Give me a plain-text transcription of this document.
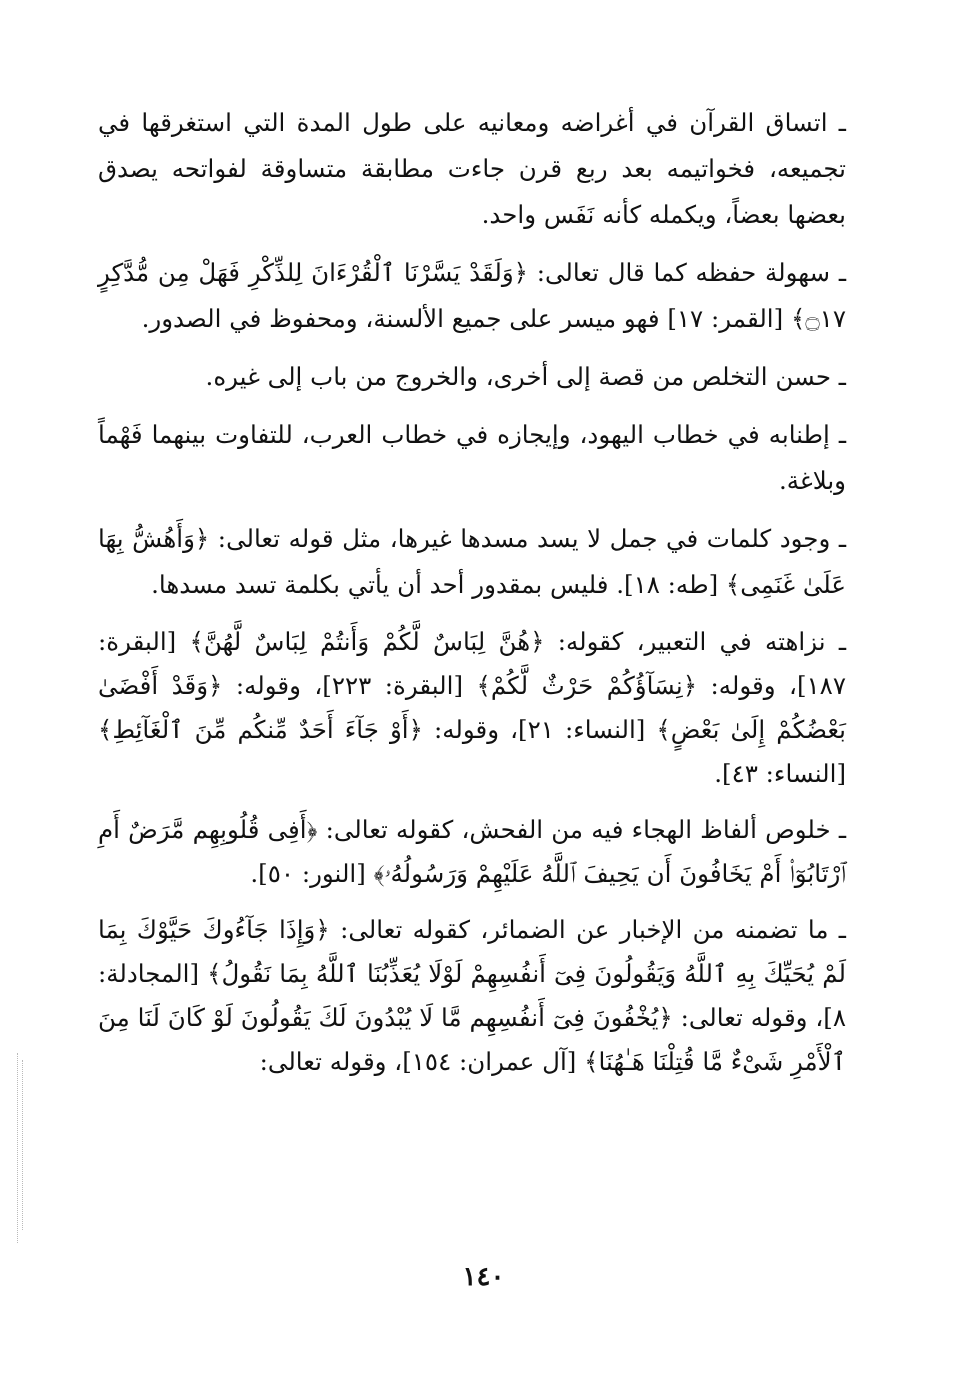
ـ اتساق القرآن في أغراضه ومعانيه على طول المدة التي استغرقها في تجميعه، فخواتيمه بعد ربع قرن جاءت مطابقة متساوقة لفواتحه يصدق بعضها بعضاً، ويكمله كأنه نَفَس واحد.

ـ سهولة حفظه كما قال تعالى: ﴿وَلَقَدْ يَسَّرْنَا ٱلْقُرْءَانَ لِلذِّكْرِ فَهَلْ مِن مُّدَّكِرٍ ۝١٧﴾ [القمر: ١٧] فهو ميسر على جميع الألسنة، ومحفوظ في الصدور.

ـ حسن التخلص من قصة إلى أخرى، والخروج من باب إلى غيره.

ـ إطنابه في خطاب اليهود، وإيجازه في خطاب العرب، للتفاوت بينهما فَهْماً وبلاغة.

ـ وجود كلمات في جمل لا يسد مسدها غيرها، مثل قوله تعالى: ﴿وَأَهُشُّ بِهَا عَلَىٰ غَنَمِى﴾ [طه: ١٨]. فليس بمقدور أحد أن يأتي بكلمة تسد مسدها.

ـ نزاهته في التعبير، كقوله: ﴿هُنَّ لِبَاسٌ لَّكُمْ وَأَنتُمْ لِبَاسٌ لَّهُنَّ﴾ [البقرة: ١٨٧]، وقوله: ﴿نِسَآؤُكُمْ حَرْثٌ لَّكُمْ﴾ [البقرة: ٢٢٣]، وقوله: ﴿وَقَدْ أَفْضَىٰ بَعْضُكُمْ إِلَىٰ بَعْضٍ﴾ [النساء: ٢١]، وقوله: ﴿أَوْ جَآءَ أَحَدٌ مِّنكُم مِّنَ ٱلْغَآئِطِ﴾ [النساء: ٤٣].

ـ خلوص ألفاظ الهجاء فيه من الفحش، كقوله تعالى: ﴿أَفِى قُلُوبِهِم مَّرَضٌ أَمِ ٱرْتَابُوٓا۟ أَمْ يَخَافُونَ أَن يَحِيفَ ٱللَّهُ عَلَيْهِمْ وَرَسُولُهُۥ﴾ [النور: ٥٠].

ـ ما تضمنه من الإخبار عن الضمائر، كقوله تعالى: ﴿وَإِذَا جَآءُوكَ حَيَّوْكَ بِمَا لَمْ يُحَيِّكَ بِهِ ٱللَّهُ وَيَقُولُونَ فِىٓ أَنفُسِهِمْ لَوْلَا يُعَذِّبُنَا ٱللَّهُ بِمَا نَقُولُ﴾ [المجادلة: ٨]، وقوله تعالى: ﴿يُخْفُونَ فِىٓ أَنفُسِهِم مَّا لَا يُبْدُونَ لَكَ يَقُولُونَ لَوْ كَانَ لَنَا مِنَ ٱلْأَمْرِ شَىْءٌ مَّا قُتِلْنَا هَـٰهُنَا﴾ [آل عمران: ١٥٤]، وقوله تعالى:

١٤٠
